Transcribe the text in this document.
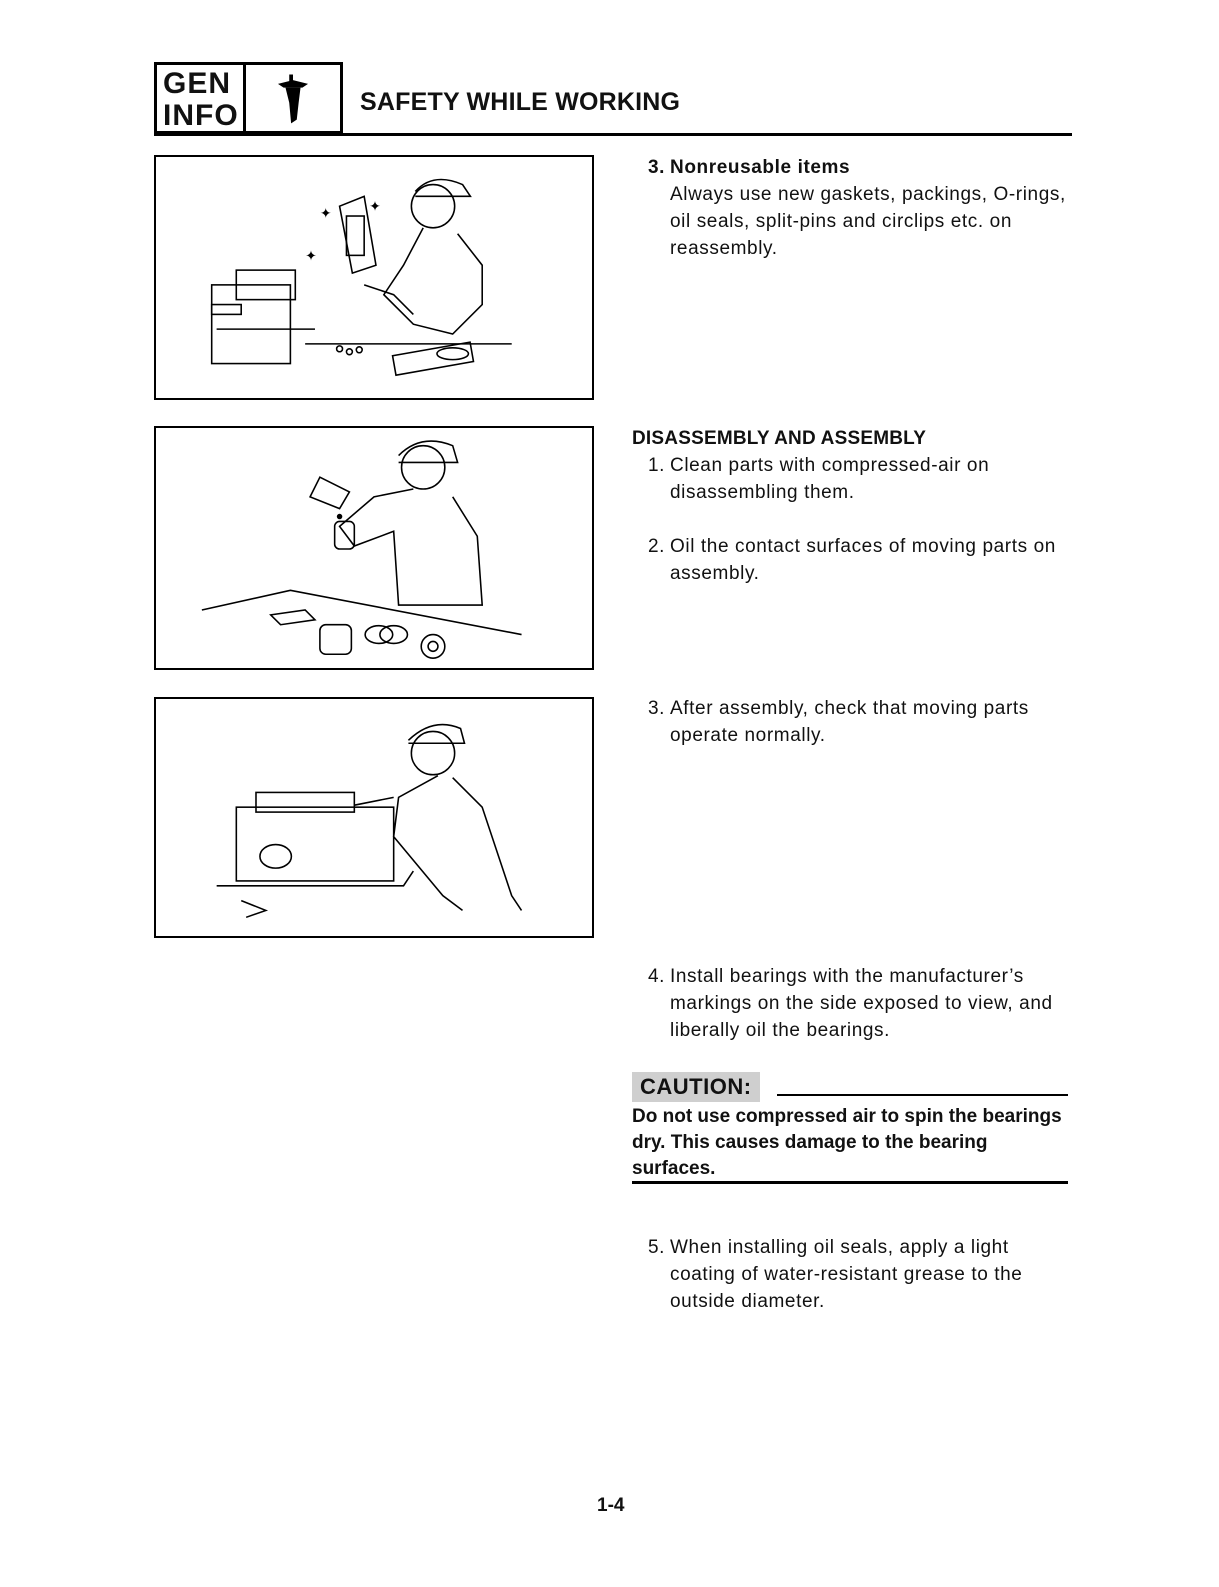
GEN
INFO	SAFETY WHILE WORKING
✦
✦
✦
3. Nonreusable items
Always use new gaskets, packings, O-rings, oil seals, split-pins and circlips etc. on reassembly.
DISASSEMBLY AND ASSEMBLY
1. Clean parts with compressed-air on disassembling them.
2. Oil the contact surfaces of moving parts on assembly.
3. After assembly, check that moving parts operate normally.
4. Install bearings with the manufacturer’s markings on the side exposed to view, and liberally oil the bearings.
CAUTION:
Do not use compressed air to spin the bearings dry. This causes damage to the bearing surfaces.
5. When installing oil seals, apply a light coating of water-resistant grease to the outside diameter.
1-4
